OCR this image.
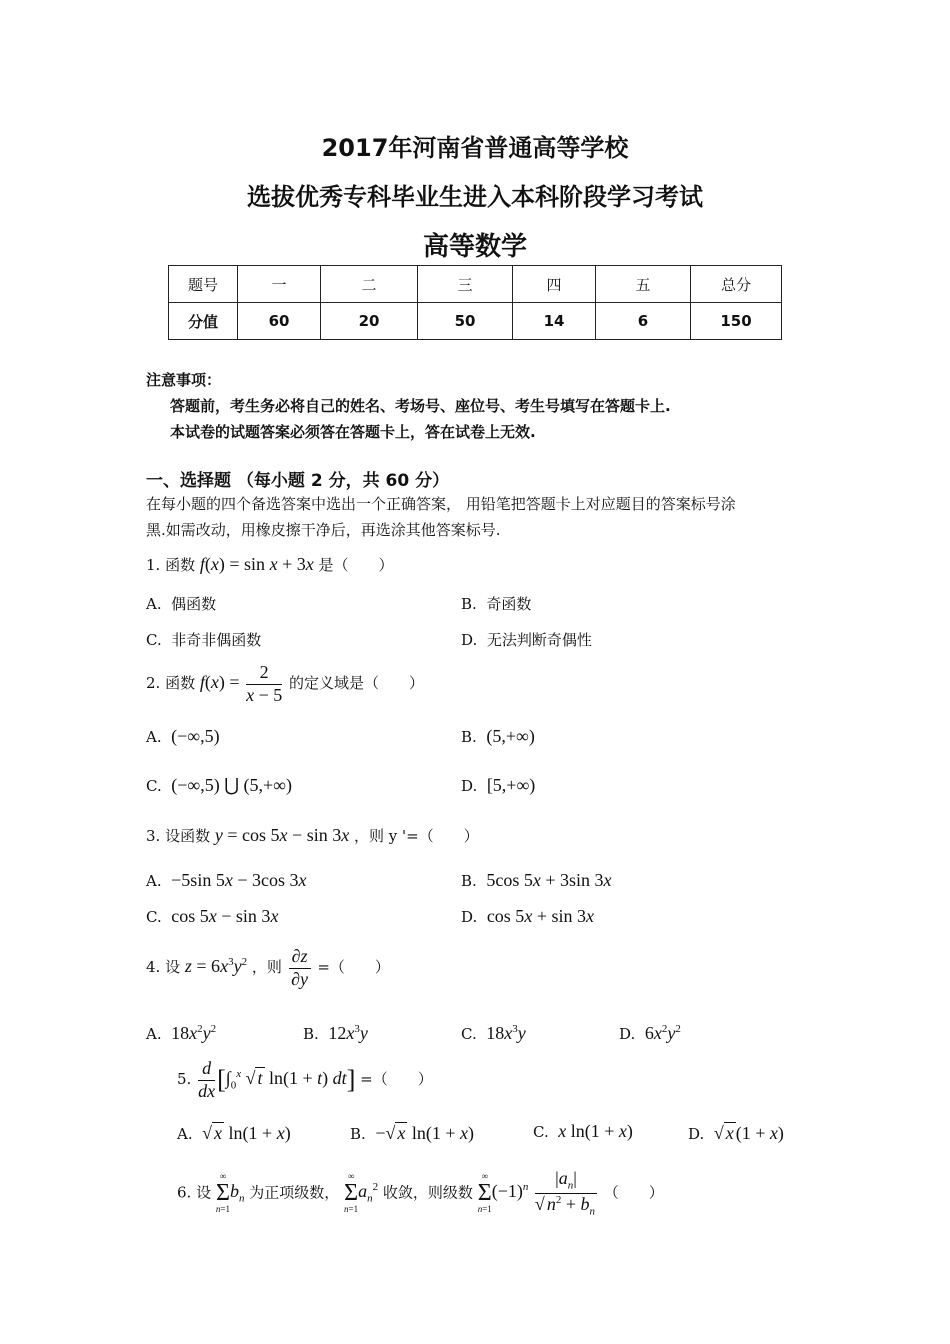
2017年河南省普通高等学校
选拔优秀专科毕业生进入本科阶段学习考试
高等数学
题号	一	二	三	四	五	总分
分值	60	20	50	14	6	150
注意事项：
答题前，考生务必将自己的姓名、考场号、座位号、考生号填写在答题卡上.
本试卷的试题答案必须答在答题卡上，答在试卷上无效.
一、选择题 （每小题 2 分，共 60 分）
在每小题的四个备选答案中选出一个正确答案， 用铅笔把答题卡上对应题目的答案标号涂
黑.如需改动，用橡皮擦干净后，再选涂其他答案标号.
1. 函数 f(x) = sin x + 3x 是（　　）
A. 偶函数	B. 奇函数
C. 非奇非偶函数	D. 无法判断奇偶性
2. 函数 $f(x) = \frac{2}{x - 5}$ 的定义域是（　　）
A. (−∞,5)	B. (5,+∞)
C. (−∞,5) ⋃ (5,+∞)	D. [5,+∞)
3. 设函数 y = cos 5x − sin 3x ，则 y '=（　　）
A. −5sin 5x − 3cos 3x	B. 5cos 5x + 3sin 3x
C. cos 5x − sin 3x	D. cos 5x + sin 3x
4. 设 $z = 6x^3y^2$ ，则 $\frac{\partial z}{\partial y}$ =（　　）
A. $18x^2y^2$	B. $12x^3y$	C. $18x^3y$	D. $6x^2y^2$
5. $\frac{d}{dx} [\int_0^x$ √ t ln(1 + t) dt] =（　　）
A. √ x ln(1 + x)	B. −√ x ln(1 + x)	C. x ln(1 + x)	D. √ x (1 + x)
6. 设
∞
Σ
n=1
$b_n$ 为正项级数，
∞
Σ
n=1
$a_n^2$ 收敛，则级数
∞
Σ
n=1
$(-1)^n \frac{|a_n|}{√ n^2 + b_n}$ （　　）
